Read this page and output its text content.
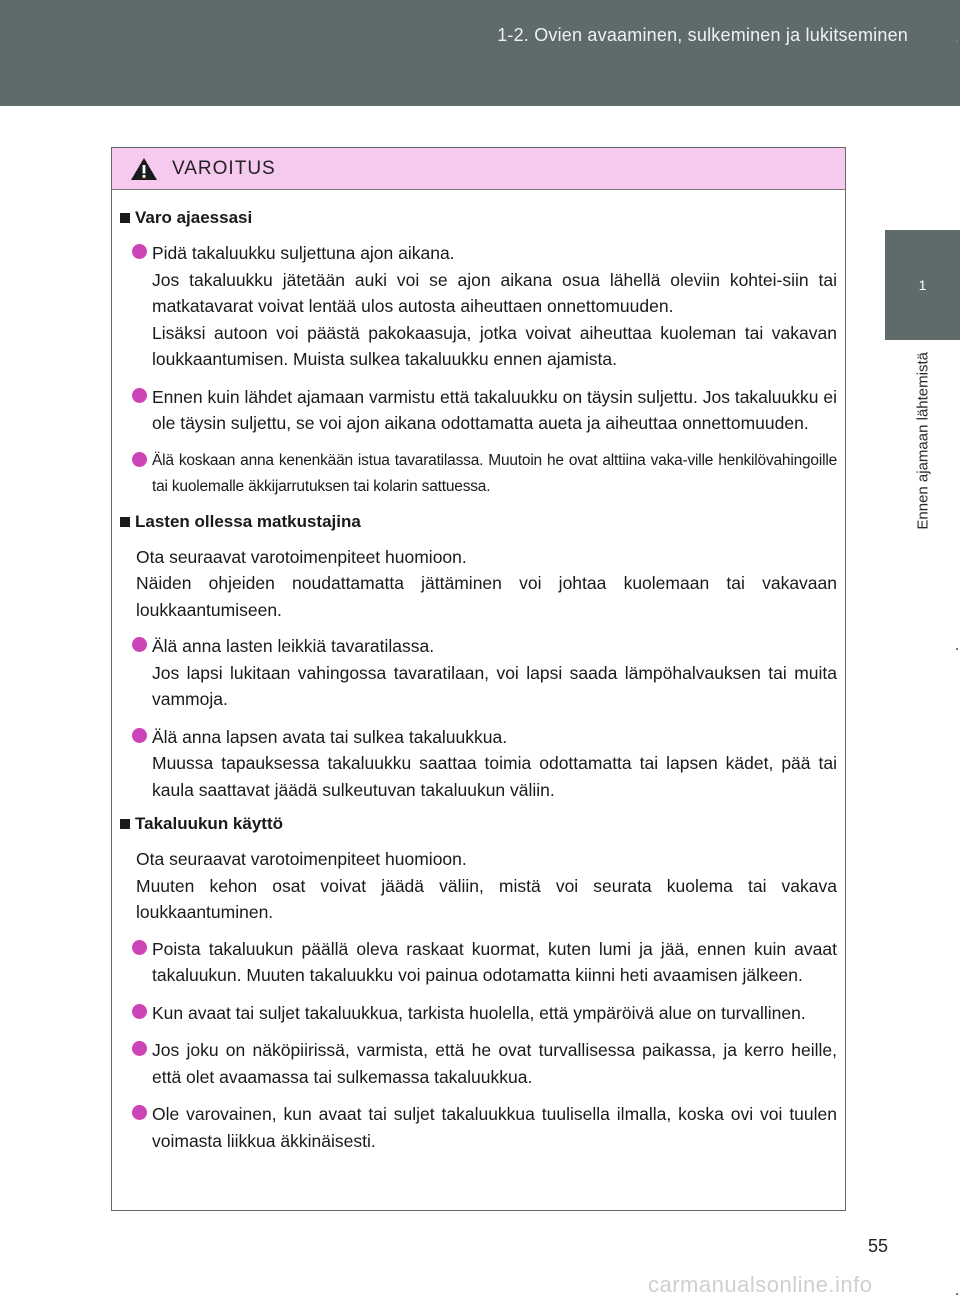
1-2. Ovien avaaminen, sulkeminen ja lukitseminen
1
Ennen ajamaan lähtemistä
VAROITUS
Varo ajaessasi
Pidä takaluukku suljettuna ajon aikana.
Jos takaluukku jätetään auki voi se ajon aikana osua lähellä oleviin kohtei-siin tai matkatavarat voivat lentää ulos autosta aiheuttaen onnettomuuden.
Lisäksi autoon voi päästä pakokaasuja, jotka voivat aiheuttaa kuoleman tai vakavan loukkaantumisen. Muista sulkea takaluukku ennen ajamista.
Ennen kuin lähdet ajamaan varmistu että takaluukku on täysin suljettu. Jos takaluukku ei ole täysin suljettu, se voi ajon aikana odottamatta aueta ja aiheuttaa onnettomuuden.
Älä koskaan anna kenenkään istua tavaratilassa. Muutoin he ovat alttiina vaka-ville henkilövahingoille tai kuolemalle äkkijarrutuksen tai kolarin sattuessa.
Lasten ollessa matkustajina
Ota seuraavat varotoimenpiteet huomioon.
Näiden ohjeiden noudattamatta jättäminen voi johtaa kuolemaan tai vakavaan loukkaantumiseen.
Älä anna lasten leikkiä tavaratilassa.
Jos lapsi lukitaan vahingossa tavaratilaan, voi lapsi saada lämpöhalvauksen tai muita vammoja.
Älä anna lapsen avata tai sulkea takaluukkua.
Muussa tapauksessa takaluukku saattaa toimia odottamatta tai lapsen kädet, pää tai kaula saattavat jäädä sulkeutuvan takaluukun väliin.
Takaluukun käyttö
Ota seuraavat varotoimenpiteet huomioon.
Muuten kehon osat voivat jäädä väliin, mistä voi seurata kuolema tai vakava loukkaantuminen.
Poista takaluukun päällä oleva raskaat kuormat, kuten lumi ja jää, ennen kuin avaat takaluukun. Muuten takaluukku voi painua odotamatta kiinni heti avaamisen jälkeen.
Kun avaat tai suljet takaluukkua, tarkista huolella, että ympäröivä alue on turvallinen.
Jos joku on näköpiirissä, varmista, että he ovat turvallisessa paikassa, ja kerro heille, että olet avaamassa tai sulkemassa takaluukkua.
Ole varovainen, kun avaat tai suljet takaluukkua tuulisella ilmalla, koska ovi voi tuulen voimasta liikkua äkkinäisesti.
55
carmanualsonline.info
